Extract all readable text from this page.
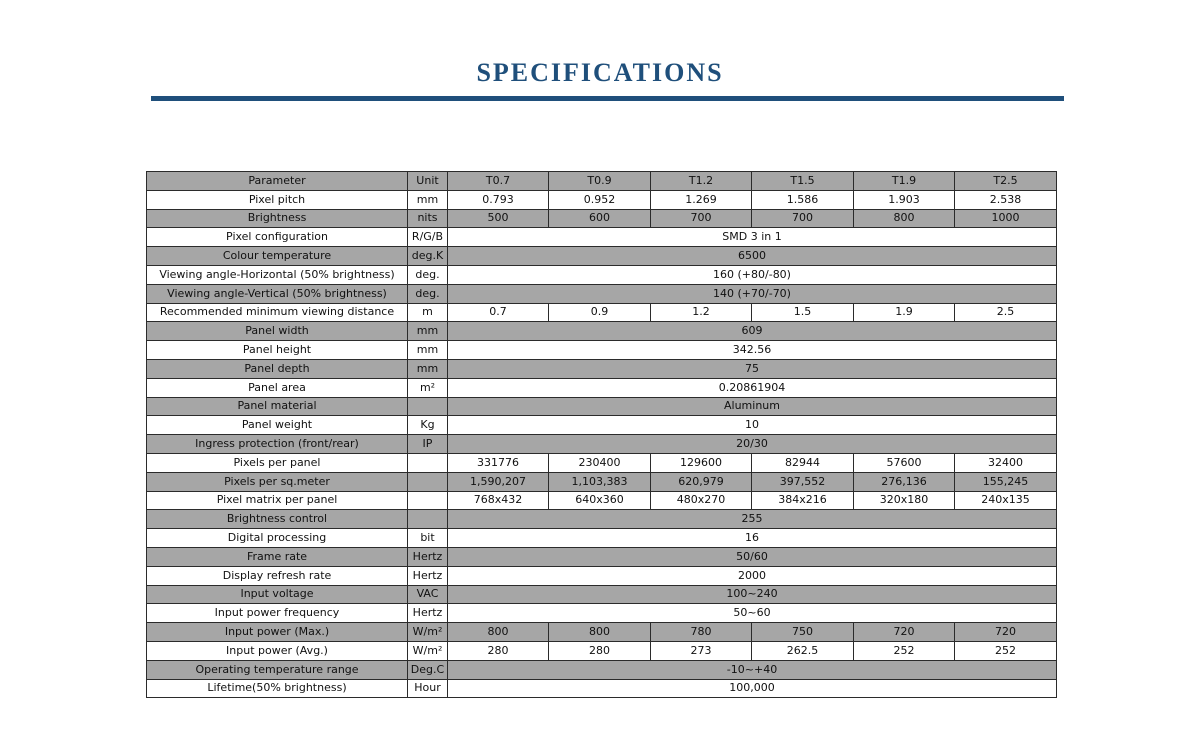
SPECIFICATIONS
Parameter	Unit	T0.7	T0.9	T1.2	T1.5	T1.9	T2.5
Pixel pitch	mm	0.793	0.952	1.269	1.586	1.903	2.538
Brightness	nits	500	600	700	700	800	1000
Pixel configuration	R/G/B	SMD 3 in 1					
Colour temperature	deg.K	6500					
Viewing angle-Horizontal (50% brightness)	deg.	160 (+80/-80)					
Viewing angle-Vertical (50% brightness)	deg.	140 (+70/-70)					
Recommended minimum viewing distance	m	0.7	0.9	1.2	1.5	1.9	2.5
Panel width	mm	609					
Panel height	mm	342.56					
Panel depth	mm	75					
Panel area	m²	0.20861904					
Panel material		Aluminum					
Panel weight	Kg	10					
Ingress protection (front/rear)	IP	20/30					
Pixels per panel		331776	230400	129600	82944	57600	32400
Pixels per sq.meter		1,590,207	1,103,383	620,979	397,552	276,136	155,245
Pixel matrix per panel		768x432	640x360	480x270	384x216	320x180	240x135
Brightness control		255					
Digital processing	bit	16					
Frame rate	Hertz	50/60					
Display refresh rate	Hertz	2000					
Input voltage	VAC	100~240					
Input power frequency	Hertz	50~60					
Input power (Max.)	W/m²	800	800	780	750	720	720
Input power (Avg.)	W/m²	280	280	273	262.5	252	252
Operating temperature range	Deg.C	-10~+40					
Lifetime(50% brightness)	Hour	100,000					
